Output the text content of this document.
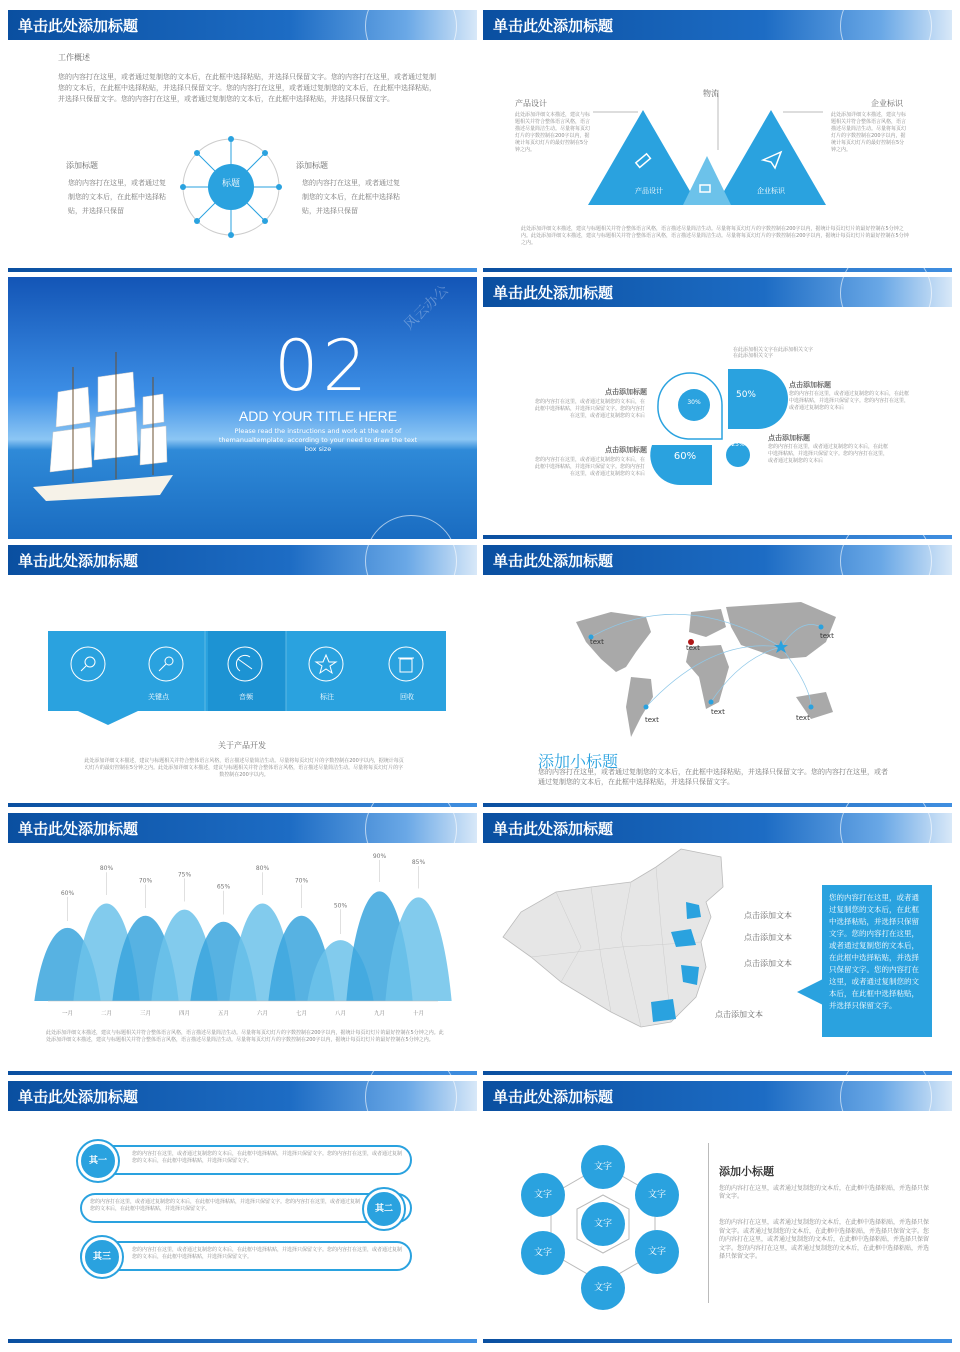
单击此处添加标题
工作概述
您的内容打在这里，或者通过复制您的文本后，在此框中选择粘贴，并选择只保留文字。您的内容打在这里，或者通过复制您的文本后，在此框中选择粘贴，并选择只保留文字。您的内容打在这里，或者通过复制您的文本后，在此框中选择粘贴，并选择只保留文字。您的内容打在这里，或者通过复制您的文本后，在此框中选择粘贴，并选择只保留文字。
添加标题
您的内容打在这里，或者通过复制您的文本后，在此框中选择粘贴，并选择只保留
标题
添加标题
您的内容打在这里，或者通过复制您的文本后，在此框中选择粘贴，并选择只保留
单击此处添加标题
物流
产品设计	企业标识
此处添加详细文本描述，建议与标题相关并符合整体语言风格，语言描述尽量简洁生动。尽量将每页幻灯片的字数控制在200字以内，据统计每页幻灯片的最好控制在5分钟之内。
此处添加详细文本描述，建议与标题相关并符合整体语言风格，语言描述尽量简洁生动。尽量将每页幻灯片的字数控制在200字以内，据统计每页幻灯片的最好控制在5分钟之内。
产品设计	企业标识
此处添加详细文本描述，建议与标题相关并符合整体语言风格，语言描述尽量简洁生动。尽量将每页幻灯片的字数控制在200字以内，据统计每页幻灯片的最好控制在5分钟之内。此处添加详细文本描述，建议与标题相关并符合整体语言风格，语言描述尽量简洁生动。尽量将每页幻灯片的字数控制在200字以内，据统计每页幻灯片的最好控制在5分钟之内。
风云办公
02
ADD YOUR TITLE HERE
Please read the instructions and work at the end of themanualtemplate. according to your need to draw the text box size
单击此处添加标题
在此添加相关文字在此添加相关文字
在此添加相关文字
点击添加标题
您的内容打在这里，或者通过复制您的文本后，在此框中选择粘贴，并选择只保留文字。您的内容打在这里，或者通过复制您的文本后
点击添加标题
您的内容打在这里，或者通过复制您的文本后，在此框中选择粘贴，并选择只保留文字。您的内容打在这里，或者通过复制您的文本后
点击添加标题
您的内容打在这里，或者通过复制您的文本后，在此框中选择粘贴，并选择只保留文字。您的内容打在这里，或者通过复制您的文本后
点击添加标题
您的内容打在这里，或者通过复制您的文本后，在此框中选择粘贴，并选择只保留文字。您的内容打在这里，或者通过复制您的文本后
30%
50%
60%
25%
单击此处添加标题
关键点	音频	标注	回收
关于产品开发
此处添加详细文本描述，建议与标题相关并符合整体语言风格，语言描述尽量简洁生动。尽量将每页幻灯片的字数控制在200字以内，据统计每页幻灯片的最好控制在5分钟之内。此处添加详细文本描述，建议与标题相关并符合整体语言风格，语言描述尽量简洁生动。尽量将每页幻灯片的字数控制在200字以内。
单击此处添加标题
text
text
text
text
text
text
添加小标题
您的内容打在这里，或者通过复制您的文本后，在此框中选择粘贴，并选择只保留文字。您的内容打在这里，或者通过复制您的文本后，在此框中选择粘贴，并选择只保留文字。
单击此处添加标题
60%
一月
80%
二月
70%
三月
75%
四月
65%
五月
80%
六月
70%
七月
50%
八月
90%
九月
85%
十月
此处添加详细文本描述，建议与标题相关并符合整体语言风格，语言描述尽量简洁生动。尽量将每页幻灯片的字数控制在200字以内，据统计每页幻灯片的最好控制在5分钟之内。此处添加详细文本描述，建议与标题相关并符合整体语言风格，语言描述尽量简洁生动。尽量将每页幻灯片的字数控制在200字以内，据统计每页幻灯片的最好控制在5分钟之内。
单击此处添加标题
点击添加文本
点击添加文本
点击添加文本
点击添加文本
您的内容打在这里，或者通过复制您的文本后，在此框中选择粘贴，并选择只保留文字。您的内容打在这里，或者通过复制您的文本后，在此框中选择粘贴，并选择只保留文字。您的内容打在这里，或者通过复制您的文本后，在此框中选择粘贴，并选择只保留文字。
单击此处添加标题
您的内容打在这里，或者通过复制您的文本后，在此框中选择粘贴，并选择只保留文字。您的内容打在这里，或者通过复制您的文本后，在此框中选择粘贴，并选择只保留文字。
其一
您的内容打在这里，或者通过复制您的文本后，在此框中选择粘贴，并选择只保留文字。您的内容打在这里，或者通过复制您的文本后，在此框中选择粘贴，并选择只保留文字。	其二
您的内容打在这里，或者通过复制您的文本后，在此框中选择粘贴，并选择只保留文字。您的内容打在这里，或者通过复制您的文本后，在此框中选择粘贴，并选择只保留文字。
其三
单击此处添加标题
文字
文字	文字
文字
文字	文字
文字
添加小标题
您的内容打在这里，或者通过复制您的文本后，在此框中选择粘贴，并选择只保留文字。
您的内容打在这里，或者通过复制您的文本后，在此框中选择粘贴，并选择只保留文字。或者通过复制您的文本后，在此框中选择粘贴，并选择只保留文字。您的内容打在这里，或者通过复制您的文本后，在此框中选择粘贴，并选择只保留文字。您的内容打在这里，或者通过复制您的文本后，在此框中选择粘贴，并选择只保留文字。
